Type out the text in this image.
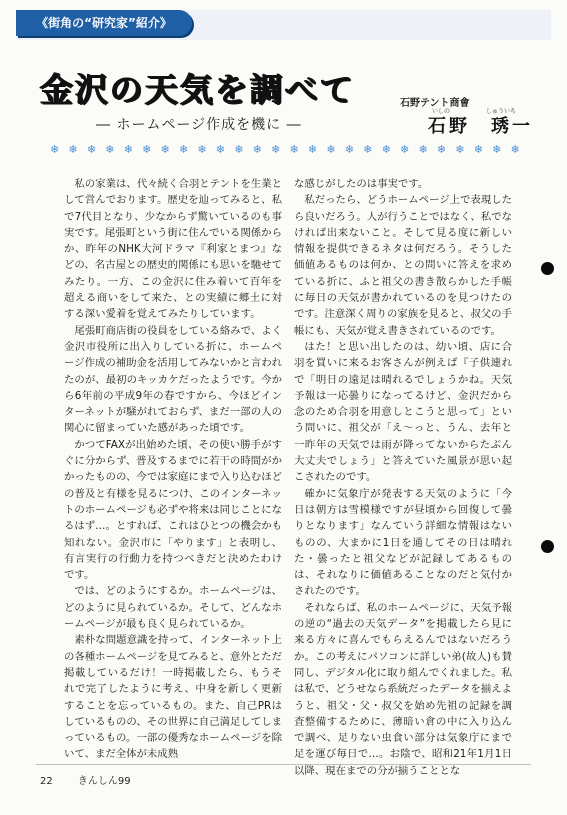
《街角の“研究家”紹介》
金沢の天気を調べて
― ホームページ作成を機に ―
石野テント商會
いしの	しゅういち
石野　琇一
❄ ❄ ❄ ❄ ❄ ❄ ❄ ❄ ❄ ❄ ❄ ❄ ❄ ❄ ❄ ❄ ❄ ❄ ❄ ❄ ❄ ❄ ❄ ❄ ❄ ❄

私の家業は、代々続く合羽とテントを生業として営んでおります。歴史を辿ってみると、私で7代目となり、少なからず驚いているのも事実です。尾張町という街に住んでいる関係からか、昨年のNHK大河ドラマ『利家とまつ』などの、名古屋との歴史的関係にも思いを馳せてみたり。一方、この金沢に住み着いて百年を超える商いをして来た、との実績に郷土に対する深い愛着を覚えてみたりしています。

尾張町商店街の役員をしている絡みで、よく金沢市役所に出入りしている折に、ホームページ作成の補助金を活用してみないかと言われたのが、最初のキッカケだったようです。今から6年前の平成9年の春ですから、今ほどインターネットが騒がれておらず、まだ一部の人の関心に留まっていた感があった頃です。

かつてFAXが出始めた頃、その使い勝手がすぐに分からず、普及するまでに若干の時間がかかったものの、今では家庭にまで入り込むほどの普及と有様を見るにつけ、このインターネットのホームページも必ずや将来は同じことになるはず…。とすれば、これはひとつの機会かも知れない。金沢市に「やります」と表明し、有言実行の行動力を持つべきだと決めたわけです。

では、どのようにするか。ホームページは、どのように見られているか。そして、どんなホームページが最も良く見られているか。

素朴な問題意識を持って、インターネット上の各種ホームページを見てみると、意外とただ掲載しているだけ！一時掲載したら、もうそれで完了したように考え、中身を新しく更新することを忘っているもの。また、自己PRはしているものの、その世界に自己満足してしまっているもの。一部の優秀なホームページを除いて、まだ全体が未成熟

な感じがしたのは事実です。

私だったら、どうホームページ上で表現したら良いだろう。人が行うことではなく、私でなければ出来ないこと。そして見る度に新しい情報を提供できるネタは何だろう。そうした価値あるものは何か、との問いに答えを求めている折に、ふと祖父の書き散らかした手帳に毎日の天気が書かれているのを見つけたのです。注意深く周りの家族を見ると、叔父の手帳にも、天気が覚え書きされているのです。

はた！と思い出したのは、幼い頃、店に合羽を買いに来るお客さんが例えば『子供連れで「明日の遠足は晴れるでしょうかね。天気予報は一応曇りになってるけど、金沢だから念のため合羽を用意しとこうと思って」という問いに、祖父が「え～っと、うん、去年と一昨年の天気では雨が降ってないからたぶん大丈夫でしょう」と答えていた風景が思い起こされたのです。

確かに気象庁が発表する天気のように「今日は朝方は雪模様ですが昼頃から回復して曇りとなります」なんていう詳細な情報はないものの、大まかに1日を通してその日は晴れた・曇ったと祖父などが記録してあるものは、それなりに価値あることなのだと気付かされたのです。

それならば、私のホームページに、天気予報の逆の“過去の天気データ”を掲載したら見に来る方々に喜んでもらえるんではないだろうか。この考えにパソコンに詳しい弟(故人)も賛同し、デジタル化に取り組んでくれました。私は私で、どうせなら系統だったデータを揃えようと、祖父・父・叔父を始め先祖の記録を調査整備するために、薄暗い倉の中に入り込んで調べ、足りない虫食い部分は気象庁にまで足を運び毎日で…。お陰で、昭和21年1月1日以降、現在までの分が揃うこととな

22	きんしん99
